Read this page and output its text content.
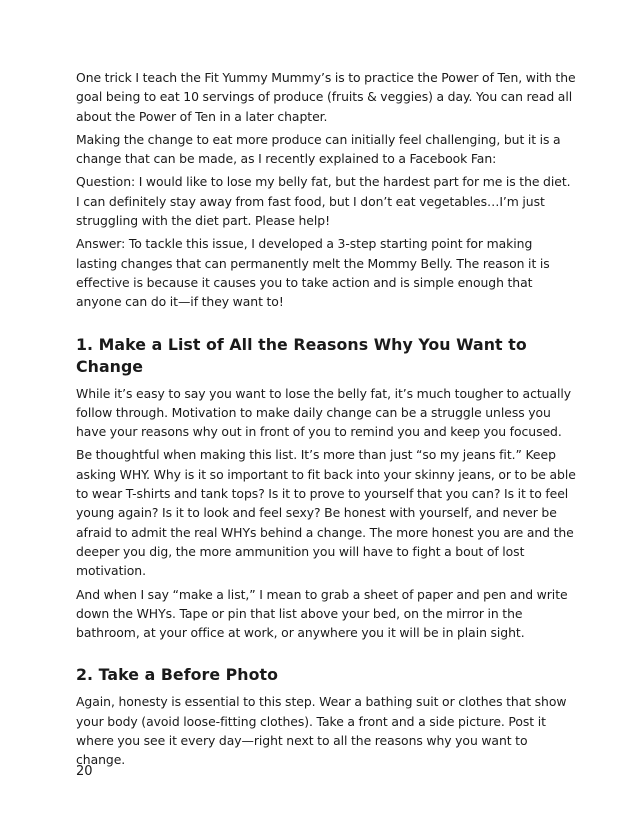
One trick I teach the Fit Yummy Mummy’s is to practice the Power of Ten, with the goal being to eat 10 servings of produce (fruits & veggies) a day. You can read all about the Power of Ten in a later chapter.

Making the change to eat more produce can initially feel challenging, but it is a change that can be made, as I recently explained to a Facebook Fan:

Question: I would like to lose my belly fat, but the hardest part for me is the diet. I can definitely stay away from fast food, but I don’t eat vegetables…I’m just struggling with the diet part. Please help!

Answer: To tackle this issue, I developed a 3-step starting point for making lasting changes that can permanently melt the Mommy Belly. The reason it is effective is because it causes you to take action and is simple enough that anyone can do it—if they want to!

1. Make a List of All the Reasons Why You Want to Change

While it’s easy to say you want to lose the belly fat, it’s much tougher to actually follow through. Motivation to make daily change can be a struggle unless you have your reasons why out in front of you to remind you and keep you focused.

Be thoughtful when making this list. It’s more than just “so my jeans fit.” Keep asking WHY. Why is it so important to fit back into your skinny jeans, or to be able to wear T-shirts and tank tops? Is it to prove to yourself that you can? Is it to feel young again? Is it to look and feel sexy? Be honest with yourself, and never be afraid to admit the real WHYs behind a change. The more honest you are and the deeper you dig, the more ammunition you will have to fight a bout of lost motivation.

And when I say “make a list,” I mean to grab a sheet of paper and pen and write down the WHYs. Tape or pin that list above your bed, on the mirror in the bathroom, at your office at work, or anywhere you it will be in plain sight.

2. Take a Before Photo

Again, honesty is essential to this step. Wear a bathing suit or clothes that show your body (avoid loose-fitting clothes). Take a front and a side picture. Post it where you see it every day—right next to all the reasons why you want to change.

20
